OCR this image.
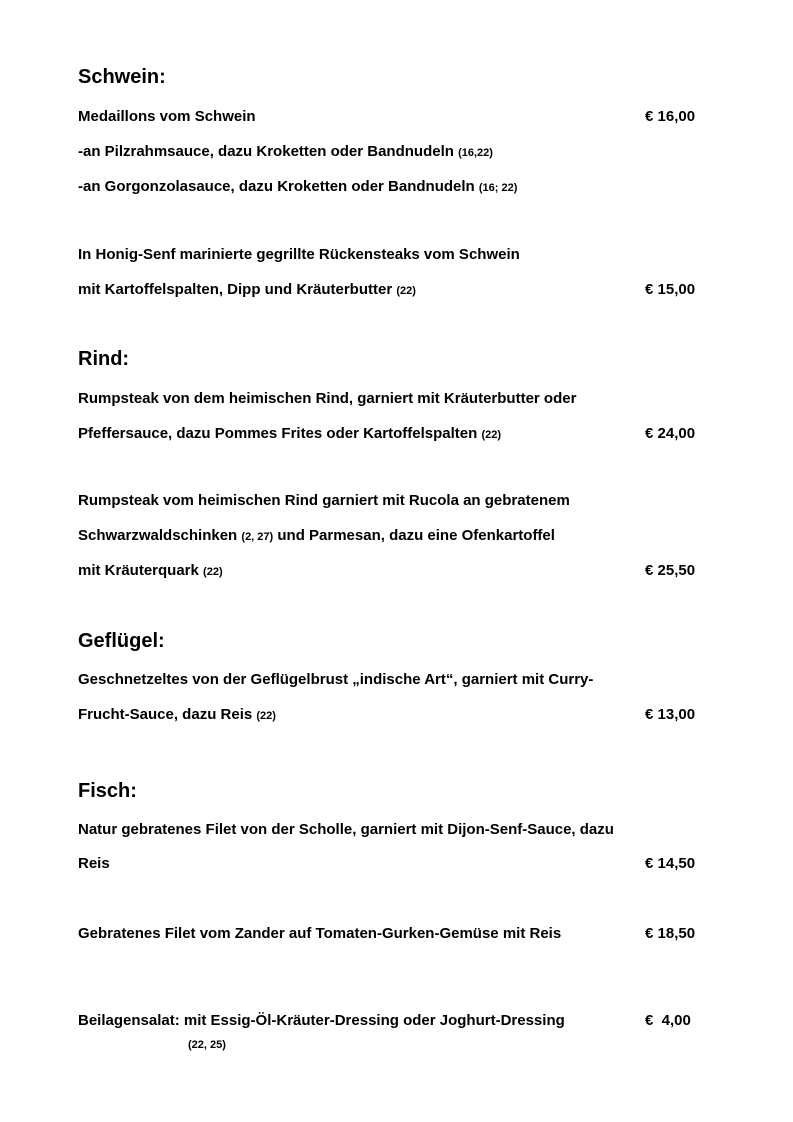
Schwein:
Medaillons vom Schwein	€ 16,00
-an Pilzrahmsauce, dazu Kroketten oder Bandnudeln (16,22)
-an Gorgonzolasauce, dazu Kroketten oder Bandnudeln (16; 22)
In Honig-Senf marinierte gegrillte Rückensteaks vom Schwein
mit Kartoffelspalten, Dipp und Kräuterbutter (22)	€ 15,00
Rind:
Rumpsteak von dem heimischen Rind, garniert mit Kräuterbutter oder
Pfeffersauce, dazu Pommes Frites oder Kartoffelspalten (22)	€ 24,00
Rumpsteak vom heimischen Rind garniert mit Rucola an gebratenem
Schwarzwaldschinken (2, 27) und Parmesan, dazu eine Ofenkartoffel
mit Kräuterquark (22)	€ 25,50
Geflügel:
Geschnetzeltes von der Geflügelbrust „indische Art“, garniert mit Curry-
Frucht-Sauce, dazu Reis (22)	€ 13,00
Fisch:
Natur gebratenes Filet von der Scholle, garniert mit Dijon-Senf-Sauce, dazu
Reis	€ 14,50
Gebratenes Filet vom Zander auf Tomaten-Gurken-Gemüse mit Reis	€ 18,50
Beilagensalat: mit Essig-Öl-Kräuter-Dressing oder Joghurt-Dressing	€  4,00
(22, 25)
